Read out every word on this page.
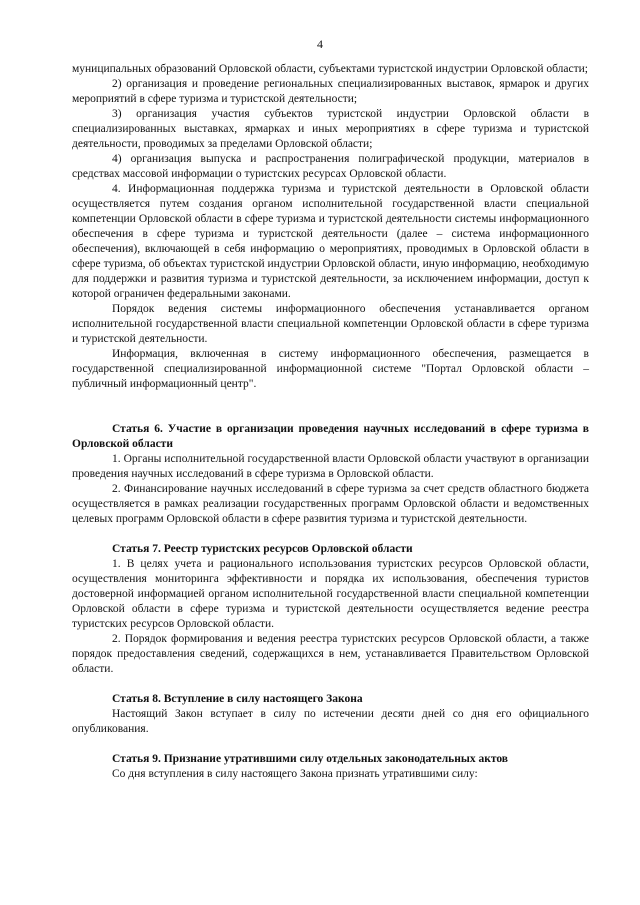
4

муниципальных образований Орловской области, субъектами туристской индустрии Орловской области;

2) организация и проведение региональных специализированных выставок, ярмарок и других мероприятий в сфере туризма и туристской деятельности;

3) организация участия субъектов туристской индустрии Орловской области в специализированных выставках, ярмарках и иных мероприятиях в сфере туризма и туристской деятельности, проводимых за пределами Орловской области;

4) организация выпуска и распространения полиграфической продукции, материалов в средствах массовой информации о туристских ресурсах Орловской области.

4. Информационная поддержка туризма и туристской деятельности в Орловской области осуществляется путем создания органом исполнительной государственной власти специальной компетенции Орловской области в сфере туризма и туристской деятельности системы информационного обеспечения в сфере туризма и туристской деятельности (далее – система информационного обеспечения), включающей в себя информацию о мероприятиях, проводимых в Орловской области в сфере туризма, об объектах туристской индустрии Орловской области, иную информацию, необходимую для поддержки и развития туризма и туристской деятельности, за исключением информации, доступ к которой ограничен федеральными законами.

Порядок ведения системы информационного обеспечения устанавливается органом исполнительной государственной власти специальной компетенции Орловской области в сфере туризма и туристской деятельности.

Информация, включенная в систему информационного обеспечения, размещается в государственной специализированной информационной системе "Портал Орловской области – публичный информационный центр".

Статья 6. Участие в организации проведения научных исследований в сфере туризма в Орловской области

1. Органы исполнительной государственной власти Орловской области участвуют в организации проведения научных исследований в сфере туризма в Орловской области.

2. Финансирование научных исследований в сфере туризма за счет средств областного бюджета осуществляется в рамках реализации государственных программ Орловской области и ведомственных целевых программ Орловской области в сфере развития туризма и туристской деятельности.

Статья 7. Реестр туристских ресурсов Орловской области

1. В целях учета и рационального использования туристских ресурсов Орловской области, осуществления мониторинга эффективности и порядка их использования, обеспечения туристов достоверной информацией органом исполнительной государственной власти специальной компетенции Орловской области в сфере туризма и туристской деятельности осуществляется ведение реестра туристских ресурсов Орловской области.

2. Порядок формирования и ведения реестра туристских ресурсов Орловской области, а также порядок предоставления сведений, содержащихся в нем, устанавливается Правительством Орловской области.

Статья 8. Вступление в силу настоящего Закона

Настоящий Закон вступает в силу по истечении десяти дней со дня его официального опубликования.

Статья 9. Признание утратившими силу отдельных законодательных актов

Со дня вступления в силу настоящего Закона признать утратившими силу:
